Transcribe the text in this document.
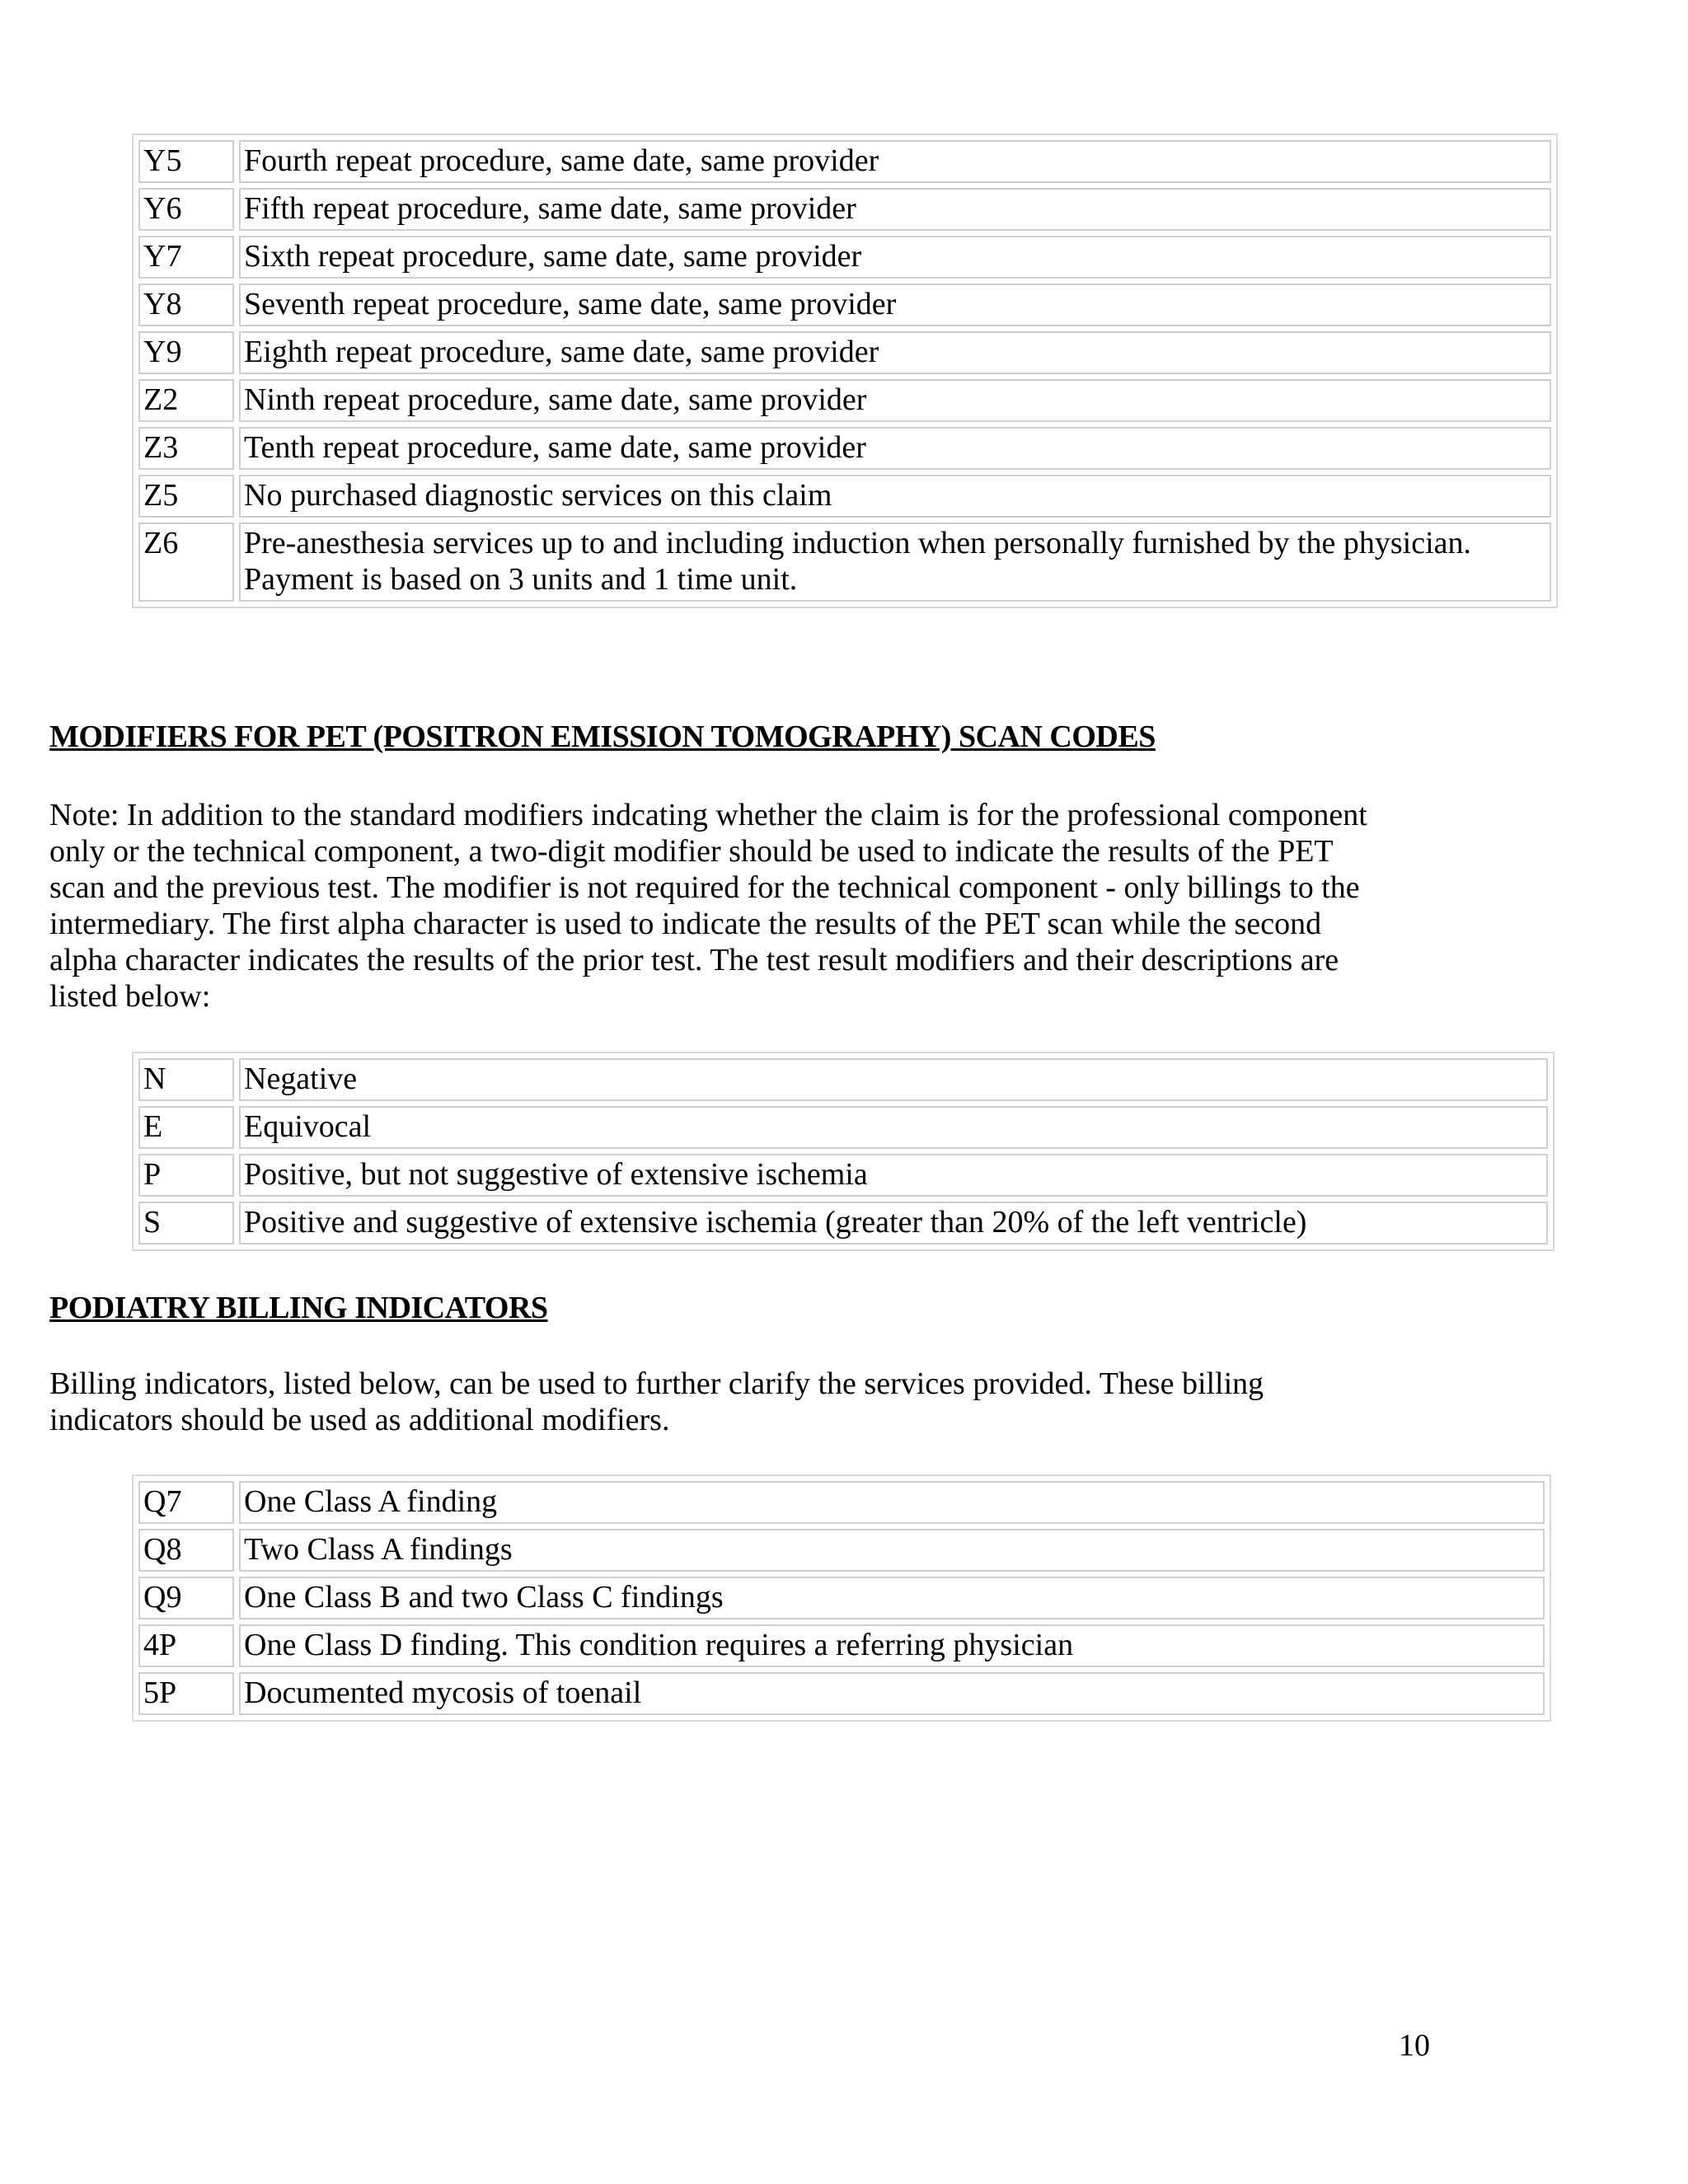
Y5	Fourth repeat procedure, same date, same provider
Y6	Fifth repeat procedure, same date, same provider
Y7	Sixth repeat procedure, same date, same provider
Y8	Seventh repeat procedure, same date, same provider
Y9	Eighth repeat procedure, same date, same provider
Z2	Ninth repeat procedure, same date, same provider
Z3	Tenth repeat procedure, same date, same provider
Z5	No purchased diagnostic services on this claim
Z6	Pre-anesthesia services up to and including induction when personally furnished by the physician.
Payment is based on 3 units and 1 time unit.
MODIFIERS FOR PET (POSITRON EMISSION TOMOGRAPHY) SCAN CODES
Note: In addition to the standard modifiers indcating whether the claim is for the professional component
only or the technical component, a two-digit modifier should be used to indicate the results of the PET
scan and the previous test. The modifier is not required for the technical component - only billings to the
intermediary. The first alpha character is used to indicate the results of the PET scan while the second
alpha character indicates the results of the prior test. The test result modifiers and their descriptions are
listed below:
N	Negative
E	Equivocal
P	Positive, but not suggestive of extensive ischemia
S	Positive and suggestive of extensive ischemia (greater than 20% of the left ventricle)
PODIATRY BILLING INDICATORS
Billing indicators, listed below, can be used to further clarify the services provided. These billing
indicators should be used as additional modifiers.
Q7	One Class A finding
Q8	Two Class A findings
Q9	One Class B and two Class C findings
4P	One Class D finding. This condition requires a referring physician
5P	Documented mycosis of toenail
10
